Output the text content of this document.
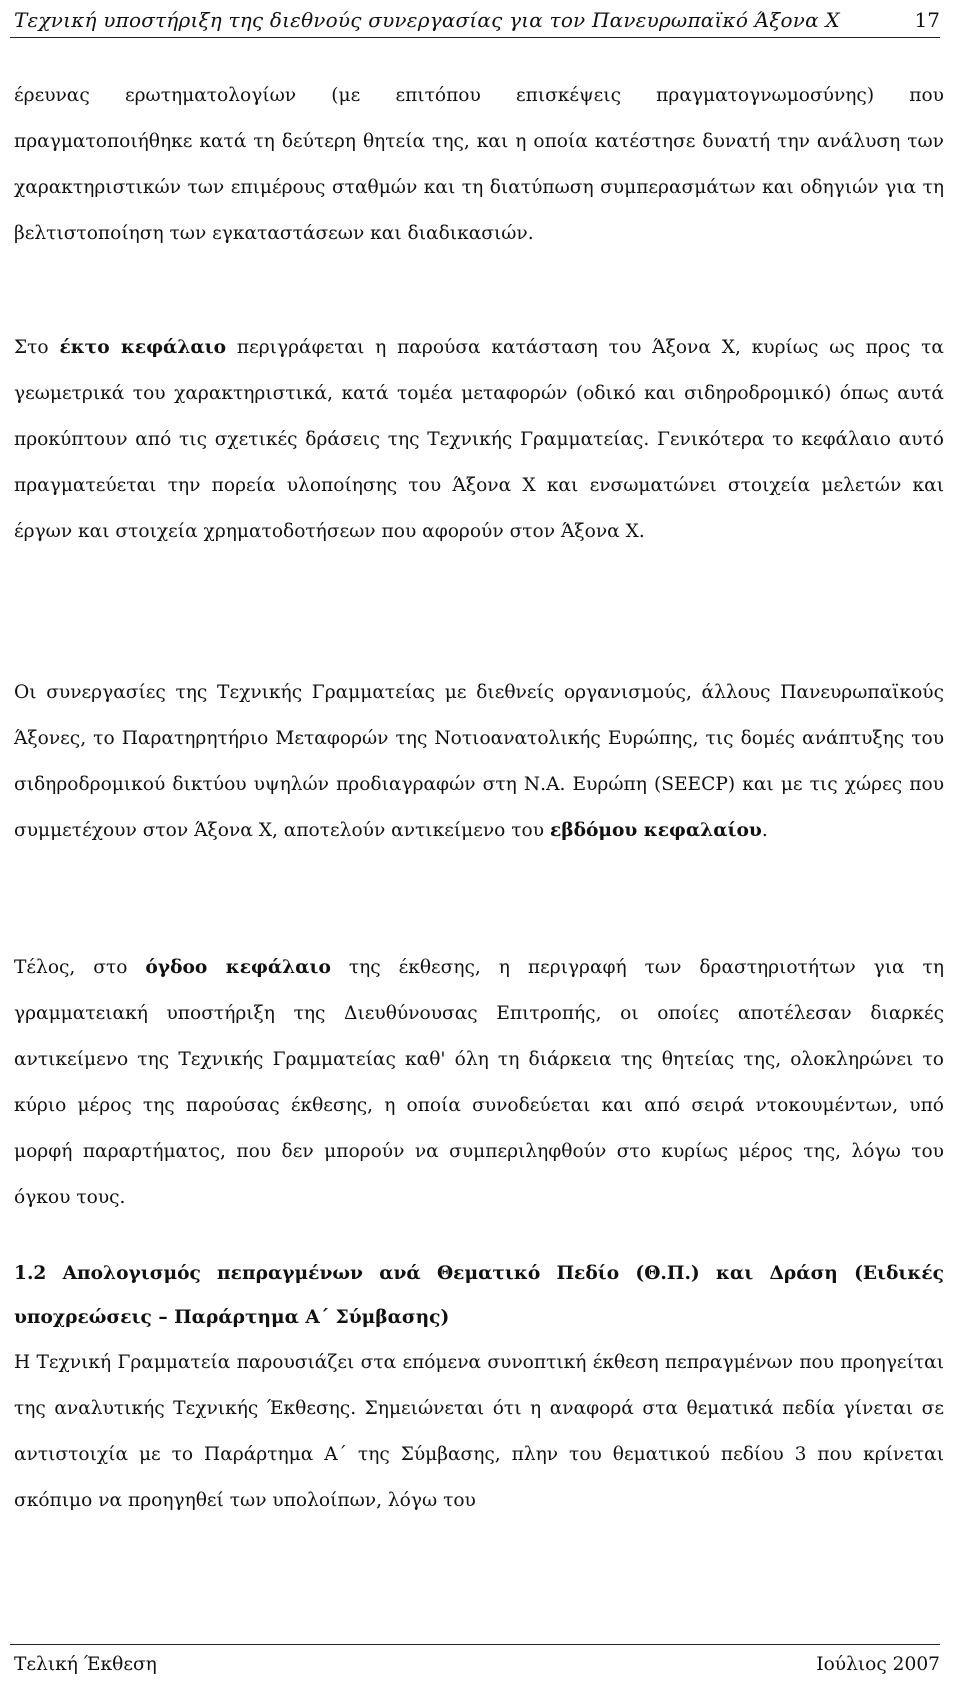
Τεχνική υποστήριξη της διεθνούς συνεργασίας για τον Πανευρωπαϊκό Άξονα Χ	17

έρευνας ερωτηματολογίων (με επιτόπου επισκέψεις πραγματογνωμοσύνης) που πραγματοποιήθηκε κατά τη δεύτερη θητεία της, και η οποία κατέστησε δυνατή την ανάλυση των χαρακτηριστικών των επιμέρους σταθμών και τη διατύπωση συμπερασμάτων και οδηγιών για τη βελτιστοποίηση των εγκαταστάσεων και διαδικασιών.

Στο έκτο κεφάλαιο περιγράφεται η παρούσα κατάσταση του Άξονα Χ, κυρίως ως προς τα γεωμετρικά του χαρακτηριστικά, κατά τομέα μεταφορών (οδικό και σιδηροδρομικό) όπως αυτά προκύπτουν από τις σχετικές δράσεις της Τεχνικής Γραμματείας. Γενικότερα το κεφάλαιο αυτό πραγματεύεται την πορεία υλοποίησης του Άξονα Χ και ενσωματώνει στοιχεία μελετών και έργων και στοιχεία χρηματοδοτήσεων που αφορούν στον Άξονα Χ.

Οι συνεργασίες της Τεχνικής Γραμματείας με διεθνείς οργανισμούς, άλλους Πανευρωπαϊκούς Άξονες, το Παρατηρητήριο Μεταφορών της Νοτιοανατολικής Ευρώπης, τις δομές ανάπτυξης του σιδηροδρομικού δικτύου υψηλών προδιαγραφών στη Ν.Α. Ευρώπη (SEECP) και με τις χώρες που συμμετέχουν στον Άξονα Χ, αποτελούν αντικείμενο του εβδόμου κεφαλαίου.

Τέλος, στο όγδοο κεφάλαιο της έκθεσης, η περιγραφή των δραστηριοτήτων για τη γραμματειακή υποστήριξη της Διευθύνουσας Επιτροπής, οι οποίες αποτέλεσαν διαρκές αντικείμενο της Τεχνικής Γραμματείας καθ' όλη τη διάρκεια της θητείας της, ολοκληρώνει το κύριο μέρος της παρούσας έκθεσης, η οποία συνοδεύεται και από σειρά ντοκουμέντων, υπό μορφή παραρτήματος, που δεν μπορούν να συμπεριληφθούν στο κυρίως μέρος της, λόγω του όγκου τους.

1.2 Απολογισμός πεπραγμένων ανά Θεματικό Πεδίο (Θ.Π.) και Δράση (Ειδικές υποχρεώσεις – Παράρτημα Α΄ Σύμβασης)

Η Τεχνική Γραμματεία παρουσιάζει στα επόμενα συνοπτική έκθεση πεπραγμένων που προηγείται της αναλυτικής Τεχνικής Έκθεσης. Σημειώνεται ότι η αναφορά στα θεματικά πεδία γίνεται σε αντιστοιχία με το Παράρτημα Α΄ της Σύμβασης, πλην του θεματικού πεδίου 3 που κρίνεται σκόπιμο να προηγηθεί των υπολοίπων, λόγω του

Τελική Έκθεση	Ιούλιος 2007
